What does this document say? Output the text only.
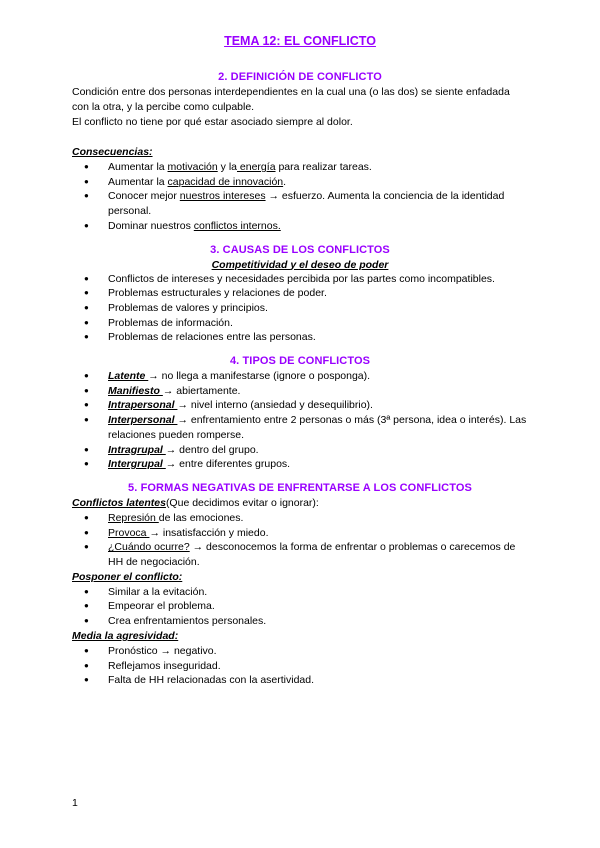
TEMA 12: EL CONFLICTO
2. DEFINICIÓN DE CONFLICTO

Condición entre dos personas interdependientes en la cual una (o las dos) se siente enfadada con la otra, y la percibe como culpable.

El conflicto no tiene por qué estar asociado siempre al dolor.

Consecuencias:
● Aumentar la motivación y la energía para realizar tareas.
● Aumentar la capacidad de innovación.
● Conocer mejor nuestros intereses → esfuerzo. Aumenta la conciencia de la identidad personal.
● Dominar nuestros conflictos internos.
3. CAUSAS DE LOS CONFLICTOS
Competitividad y el deseo de poder
● Conflictos de intereses y necesidades percibida por las partes como incompatibles.
● Problemas estructurales y relaciones de poder.
● Problemas de valores y principios.
● Problemas de información.
● Problemas de relaciones entre las personas.
4. TIPOS DE CONFLICTOS
● Latente → no llega a manifestarse (ignore o posponga).
● Manifiesto → abiertamente.
● Intrapersonal → nivel interno (ansiedad y desequilibrio).
● Interpersonal → enfrentamiento entre 2 personas o más (3ª persona, idea o interés). Las relaciones pueden romperse.
● Intragrupal → dentro del grupo.
● Intergrupal → entre diferentes grupos.
5. FORMAS NEGATIVAS DE ENFRENTARSE A LOS CONFLICTOS

Conflictos latentes(Que decidimos evitar o ignorar):

● Represión de las emociones.
● Provoca → insatisfacción y miedo.
● ¿Cuándo ocurre? → desconocemos la forma de enfrentar o problemas o carecemos de HH de negociación.
Posponer el conflicto:
● Similar a la evitación.
● Empeorar el problema.
● Crea enfrentamientos personales.
Media la agresividad:
● Pronóstico → negativo.
● Reflejamos inseguridad.
● Falta de HH relacionadas con la asertividad.
1
